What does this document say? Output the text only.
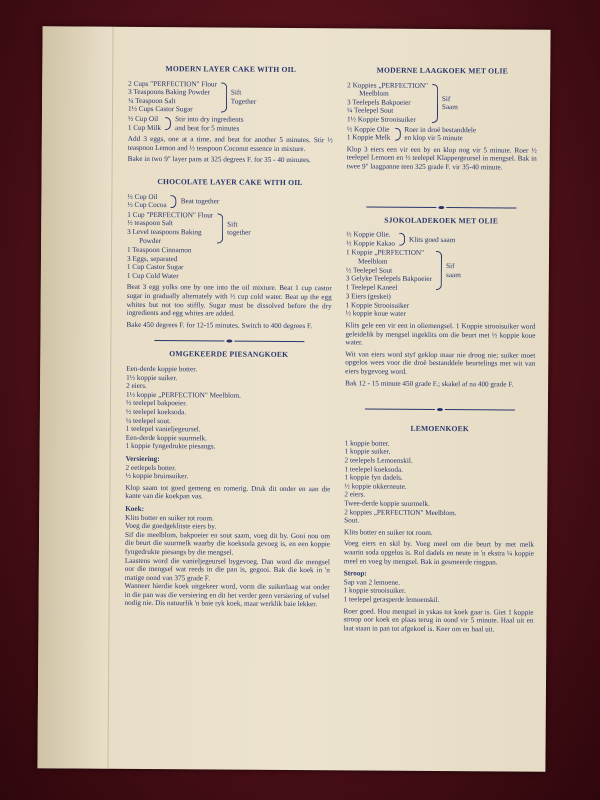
MODERN LAYER CAKE WITH OIL
2 Cups "PERFECTION" Flour
3 Teaspoons Baking Powder
¼ Teaspoon Salt
1½ Cups Castor Sugar
Sift
Together
½ Cup Oil
1 Cup Milk
Stir into dry ingredients
and beat for 5 minutes
Add 3 eggs, one at a time, and beat for another 5 minutes. Stir ½ teaspoon Lemon and ½ teaspoon Coconut essence in mixture.
Bake in two 9" layer pans at 325 degrees F. for 35 - 40 minutes.
CHOCOLATE LAYER CAKE WITH OIL
½ Cup Oil
½ Cup Cocoa Beat together
1 Cup "PERFECTION" Flour
½ teaspoon Salt
3 Level teaspoons Baking
Powder
Sift
together
1 Teaspoon Cinnamon
3 Eggs, separated
1 Cup Castor Sugar
1 Cup Cold Water
Beat 3 egg yolks one by one into the oil mixture. Beat 1 cup castor sugar in gradually alternately with ½ cup cold water. Beat up the egg whites but not too stiffly. Sugar must be dissolved before the dry ingredients and egg whites are added.
Bake 450 degrees F. for 12-15 minutes. Switch to 400 degrees F.
OMGEKEERDE PIESANGKOEK
Een-derde koppie botter.
1½ koppie suiker.
2 eiers.
1½ koppie „PERFECTION" Meelblom.
½ teelepel bakpoeier.
½ teelepel koeksoda.
¼ teelepel sout.
1 teelepel vanieljegeursel.
Een-derde koppie suurmelk.
1 koppie fyngedrukte piesangs.
Versiering:
2 eetlepels botter.
½ koppie bruinsuiker.
Klop saam tot goed gemeng en romerig. Druk dit onder en aan die kante van die koekpan vas.
Koek:
Klits botter en suiker tot room.
Voeg die goedgeklitste eiers by.
Sif die meelblom, bakpoeier en sout saam, voeg dit by. Gooi nou om die beurt die suurmelk waarby die koeksoda gevoeg is, en een koppie fyngedrukte piesangs by die mengsel.
Laastens word die vanieljegeursel bygevoeg. Dan word die mengsel oor die mengsel wat reeds in die pan is, gegooi. Bak die koek in 'n matige oond van 375 grade F.
Wanneer hierdie koek uitgekeer word, vorm die suikerlaag wat onder in die pan was die versiering en dit het verder geen versiering of vulsel nodig nie. Dis natuurlik 'n baie ryk koek, maar werklik baie lekker.
MODERNE LAAGKOEK MET OLIE
2 Koppies „PERFECTION"
Meelblom
3 Teelepels Bakpoeier
¼ Teelepel Sout
1½ Koppie Strooisuiker
Sif
Saam
½ Koppie Olie
1 Koppie Melk
Roer in droë bestanddele
en klop vir 5 minute
Klop 3 eiers een vir een by en klop nog vir 5 minute. Roer ½ teelepel Lemoen en ½ teelepel Klappergeursel in mengsel. Bak in twee 9" laagpanne teen 325 grade F. vir 35-40 minute.
SJOKOLADEKOEK MET OLIE
½ Koppie Olie.
½ Koppie Kakao Klits goed saam
1 Koppie „PERFECTION"
Meelblom
½ Teelepel Sout
3 Gelyke Teelepels Bakpoeier
1 Teelepel Kaneel
Sif
saam
3 Eiers (geskei)
1 Koppie Strooisuiker
½ koppie koue water
Klits gele een vir een in oliemengsel. 1 Koppie strooisuiker word geleidelik by mengsel ingeklits om die beurt met ½ koppie koue water.
Wit van eiers word styf geklop maar nie droog nie; suiker moet opgelos wees voor die droë bestanddele beurtelings met wit van eiers bygevoeg word.
Bak 12 - 15 minute 450 grade F.; skakel af na 400 grade F.
LEMOENKOEK
1 koppie botter.
1 koppie suiker.
2 teelepels Lemoenskil.
1 teelepel koeksoda.
1 koppie fyn dadels.
½ koppie okkerneute.
2 eiers.
Twee-derde koppie suurmelk.
2 koppies „PERFECTION" Meelblom.
Sout.
Klits botter en suiker tot room.
Voeg eiers en skil by. Voeg meel om die beurt by met melk waarin soda opgelos is. Rol dadels en neute in 'n ekstra ¼ koppie meel en voeg by mengsel. Bak in gesmeerde ringpan.
Stroop:
Sap van 2 lemoene.
1 koppie strooisuiker.
1 teelepel gerasperde lemoenskil.
Roer goed. Hou mengsel in yskas tot koek gaar is. Giet 1 koppie stroop oor koek en plaas terug in oond vir 5 minute. Haal uit en laat staan in pan tot afgekoel is. Keer om en haal uit.
